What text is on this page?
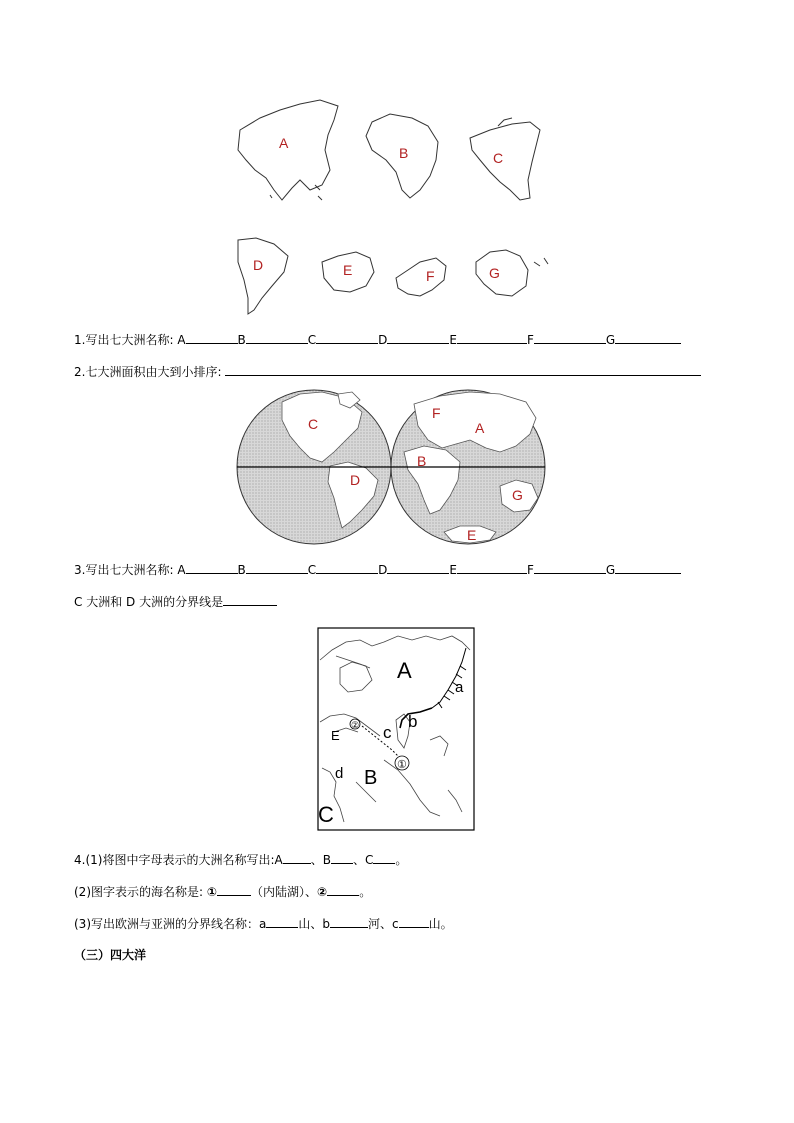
A
B	C
D	E	F	G
1.写出七大洲名称: A	B	C	D	E	F	G
2.七大洲面积由大到小排序:
C
D
F
A
B
G
E
3.写出七大洲名称: A	B	C	D	E	F	G
C 大洲和 D 大洲的分界线是
A
a
b
c
②
E
①
d B
C
4.(1)将图中字母表示的大洲名称写出:A 、B 、C 。
(2)图字表示的海名称是: ①	（内陆湖）、②	。
(3)写出欧洲与亚洲的分界线名称：a	山、b	河、c	山。
（三）四大洋
